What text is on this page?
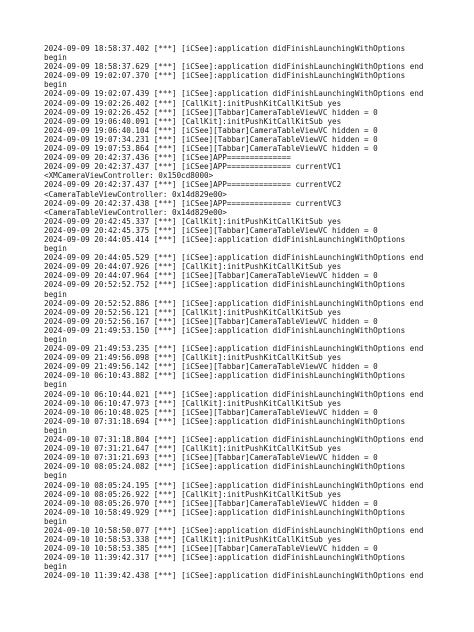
2024-09-09 18:58:37.402 [***] [iCSee]:application didFinishLaunchingWithOptions
begin
2024-09-09 18:58:37.629 [***] [iCSee]:application didFinishLaunchingWithOptions end
2024-09-09 19:02:07.370 [***] [iCSee]:application didFinishLaunchingWithOptions
begin
2024-09-09 19:02:07.439 [***] [iCSee]:application didFinishLaunchingWithOptions end
2024-09-09 19:02:26.402 [***] [CallKit]:initPushKitCallKitSub yes
2024-09-09 19:02:26.452 [***] [iCSee][Tabbar]CameraTableViewVC hidden = 0
2024-09-09 19:06:40.091 [***] [CallKit]:initPushKitCallKitSub yes
2024-09-09 19:06:40.104 [***] [iCSee][Tabbar]CameraTableViewVC hidden = 0
2024-09-09 19:07:34.231 [***] [iCSee][Tabbar]CameraTableViewVC hidden = 0
2024-09-09 19:07:53.864 [***] [iCSee][Tabbar]CameraTableViewVC hidden = 0
2024-09-09 20:42:37.436 [***] [iCSee]APP==============
2024-09-09 20:42:37.437 [***] [iCSee]APP============== currentVC1
<XMCameraViewController: 0x150cd8000>
2024-09-09 20:42:37.437 [***] [iCSee]APP============== currentVC2
<CameraTableViewController: 0x14d829e00>
2024-09-09 20:42:37.438 [***] [iCSee]APP============== currentVC3
<CameraTableViewController: 0x14d829e00>
2024-09-09 20:42:45.337 [***] [CallKit]:initPushKitCallKitSub yes
2024-09-09 20:42:45.375 [***] [iCSee][Tabbar]CameraTableViewVC hidden = 0
2024-09-09 20:44:05.414 [***] [iCSee]:application didFinishLaunchingWithOptions
begin
2024-09-09 20:44:05.529 [***] [iCSee]:application didFinishLaunchingWithOptions end
2024-09-09 20:44:07.926 [***] [CallKit]:initPushKitCallKitSub yes
2024-09-09 20:44:07.964 [***] [iCSee][Tabbar]CameraTableViewVC hidden = 0
2024-09-09 20:52:52.752 [***] [iCSee]:application didFinishLaunchingWithOptions
begin
2024-09-09 20:52:52.886 [***] [iCSee]:application didFinishLaunchingWithOptions end
2024-09-09 20:52:56.121 [***] [CallKit]:initPushKitCallKitSub yes
2024-09-09 20:52:56.167 [***] [iCSee][Tabbar]CameraTableViewVC hidden = 0
2024-09-09 21:49:53.150 [***] [iCSee]:application didFinishLaunchingWithOptions
begin
2024-09-09 21:49:53.235 [***] [iCSee]:application didFinishLaunchingWithOptions end
2024-09-09 21:49:56.098 [***] [CallKit]:initPushKitCallKitSub yes
2024-09-09 21:49:56.142 [***] [iCSee][Tabbar]CameraTableViewVC hidden = 0
2024-09-10 06:10:43.882 [***] [iCSee]:application didFinishLaunchingWithOptions
begin
2024-09-10 06:10:44.021 [***] [iCSee]:application didFinishLaunchingWithOptions end
2024-09-10 06:10:47.973 [***] [CallKit]:initPushKitCallKitSub yes
2024-09-10 06:10:48.025 [***] [iCSee][Tabbar]CameraTableViewVC hidden = 0
2024-09-10 07:31:18.694 [***] [iCSee]:application didFinishLaunchingWithOptions
begin
2024-09-10 07:31:18.804 [***] [iCSee]:application didFinishLaunchingWithOptions end
2024-09-10 07:31:21.647 [***] [CallKit]:initPushKitCallKitSub yes
2024-09-10 07:31:21.693 [***] [iCSee][Tabbar]CameraTableViewVC hidden = 0
2024-09-10 08:05:24.082 [***] [iCSee]:application didFinishLaunchingWithOptions
begin
2024-09-10 08:05:24.195 [***] [iCSee]:application didFinishLaunchingWithOptions end
2024-09-10 08:05:26.922 [***] [CallKit]:initPushKitCallKitSub yes
2024-09-10 08:05:26.970 [***] [iCSee][Tabbar]CameraTableViewVC hidden = 0
2024-09-10 10:58:49.929 [***] [iCSee]:application didFinishLaunchingWithOptions
begin
2024-09-10 10:58:50.077 [***] [iCSee]:application didFinishLaunchingWithOptions end
2024-09-10 10:58:53.338 [***] [CallKit]:initPushKitCallKitSub yes
2024-09-10 10:58:53.385 [***] [iCSee][Tabbar]CameraTableViewVC hidden = 0
2024-09-10 11:39:42.317 [***] [iCSee]:application didFinishLaunchingWithOptions
begin
2024-09-10 11:39:42.438 [***] [iCSee]:application didFinishLaunchingWithOptions end
